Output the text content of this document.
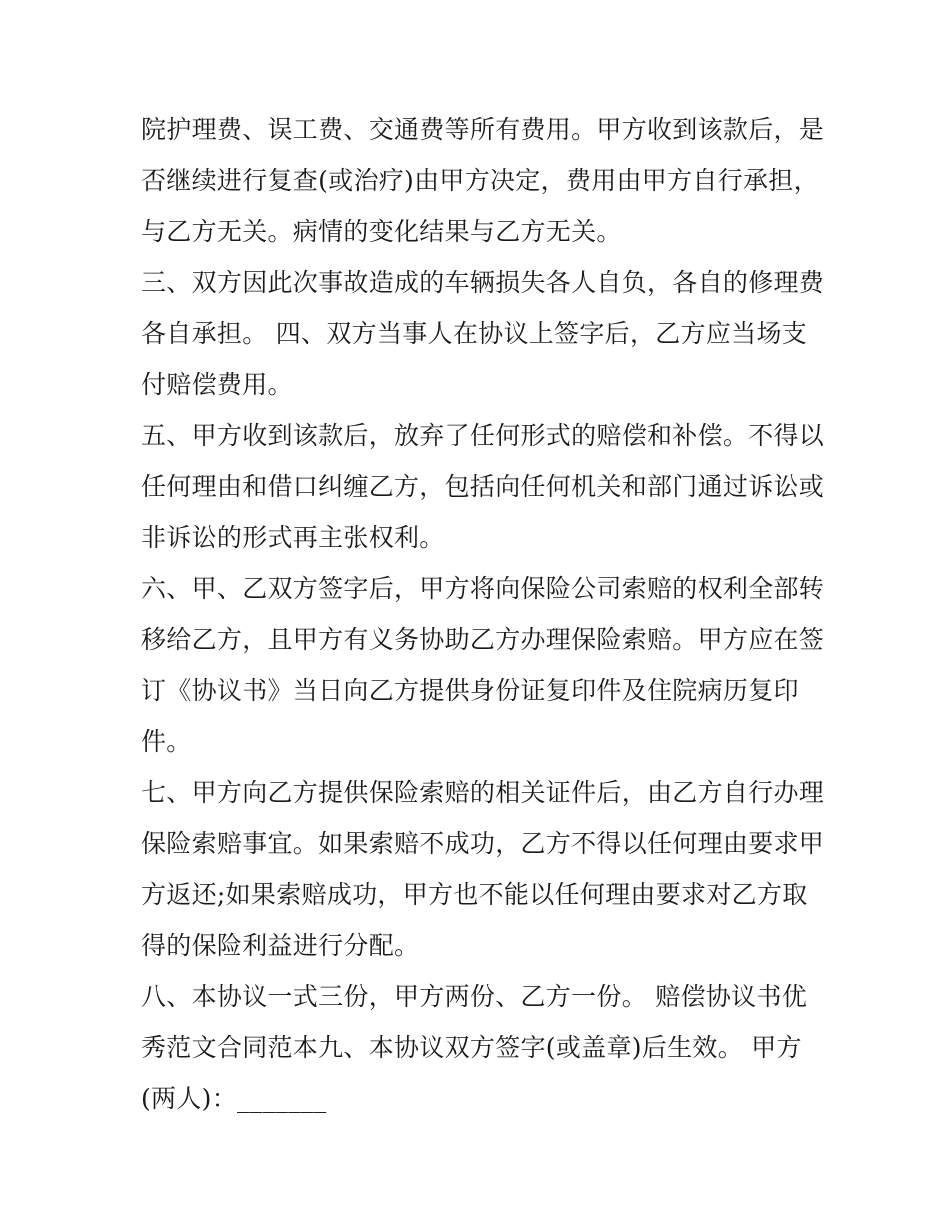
院护理费、误工费、交通费等所有费用。甲方收到该款后，是
否继续进行复查(或治疗)由甲方决定，费用由甲方自行承担，
与乙方无关。病情的变化结果与乙方无关。
三、双方因此次事故造成的车辆损失各人自负，各自的修理费
各自承担。 四、双方当事人在协议上签字后，乙方应当场支
付赔偿费用。
五、甲方收到该款后，放弃了任何形式的赔偿和补偿。不得以
任何理由和借口纠缠乙方，包括向任何机关和部门通过诉讼或
非诉讼的形式再主张权利。
六、甲、乙双方签字后，甲方将向保险公司索赔的权利全部转
移给乙方，且甲方有义务协助乙方办理保险索赔。甲方应在签
订《协议书》当日向乙方提供身份证复印件及住院病历复印
件。
七、甲方向乙方提供保险索赔的相关证件后，由乙方自行办理
保险索赔事宜。如果索赔不成功，乙方不得以任何理由要求甲
方返还;如果索赔成功，甲方也不能以任何理由要求对乙方取
得的保险利益进行分配。
八、本协议一式三份，甲方两份、乙方一份。 赔偿协议书优
秀范文合同范本九、本协议双方签字(或盖章)后生效。 甲方
(两人)：_______
